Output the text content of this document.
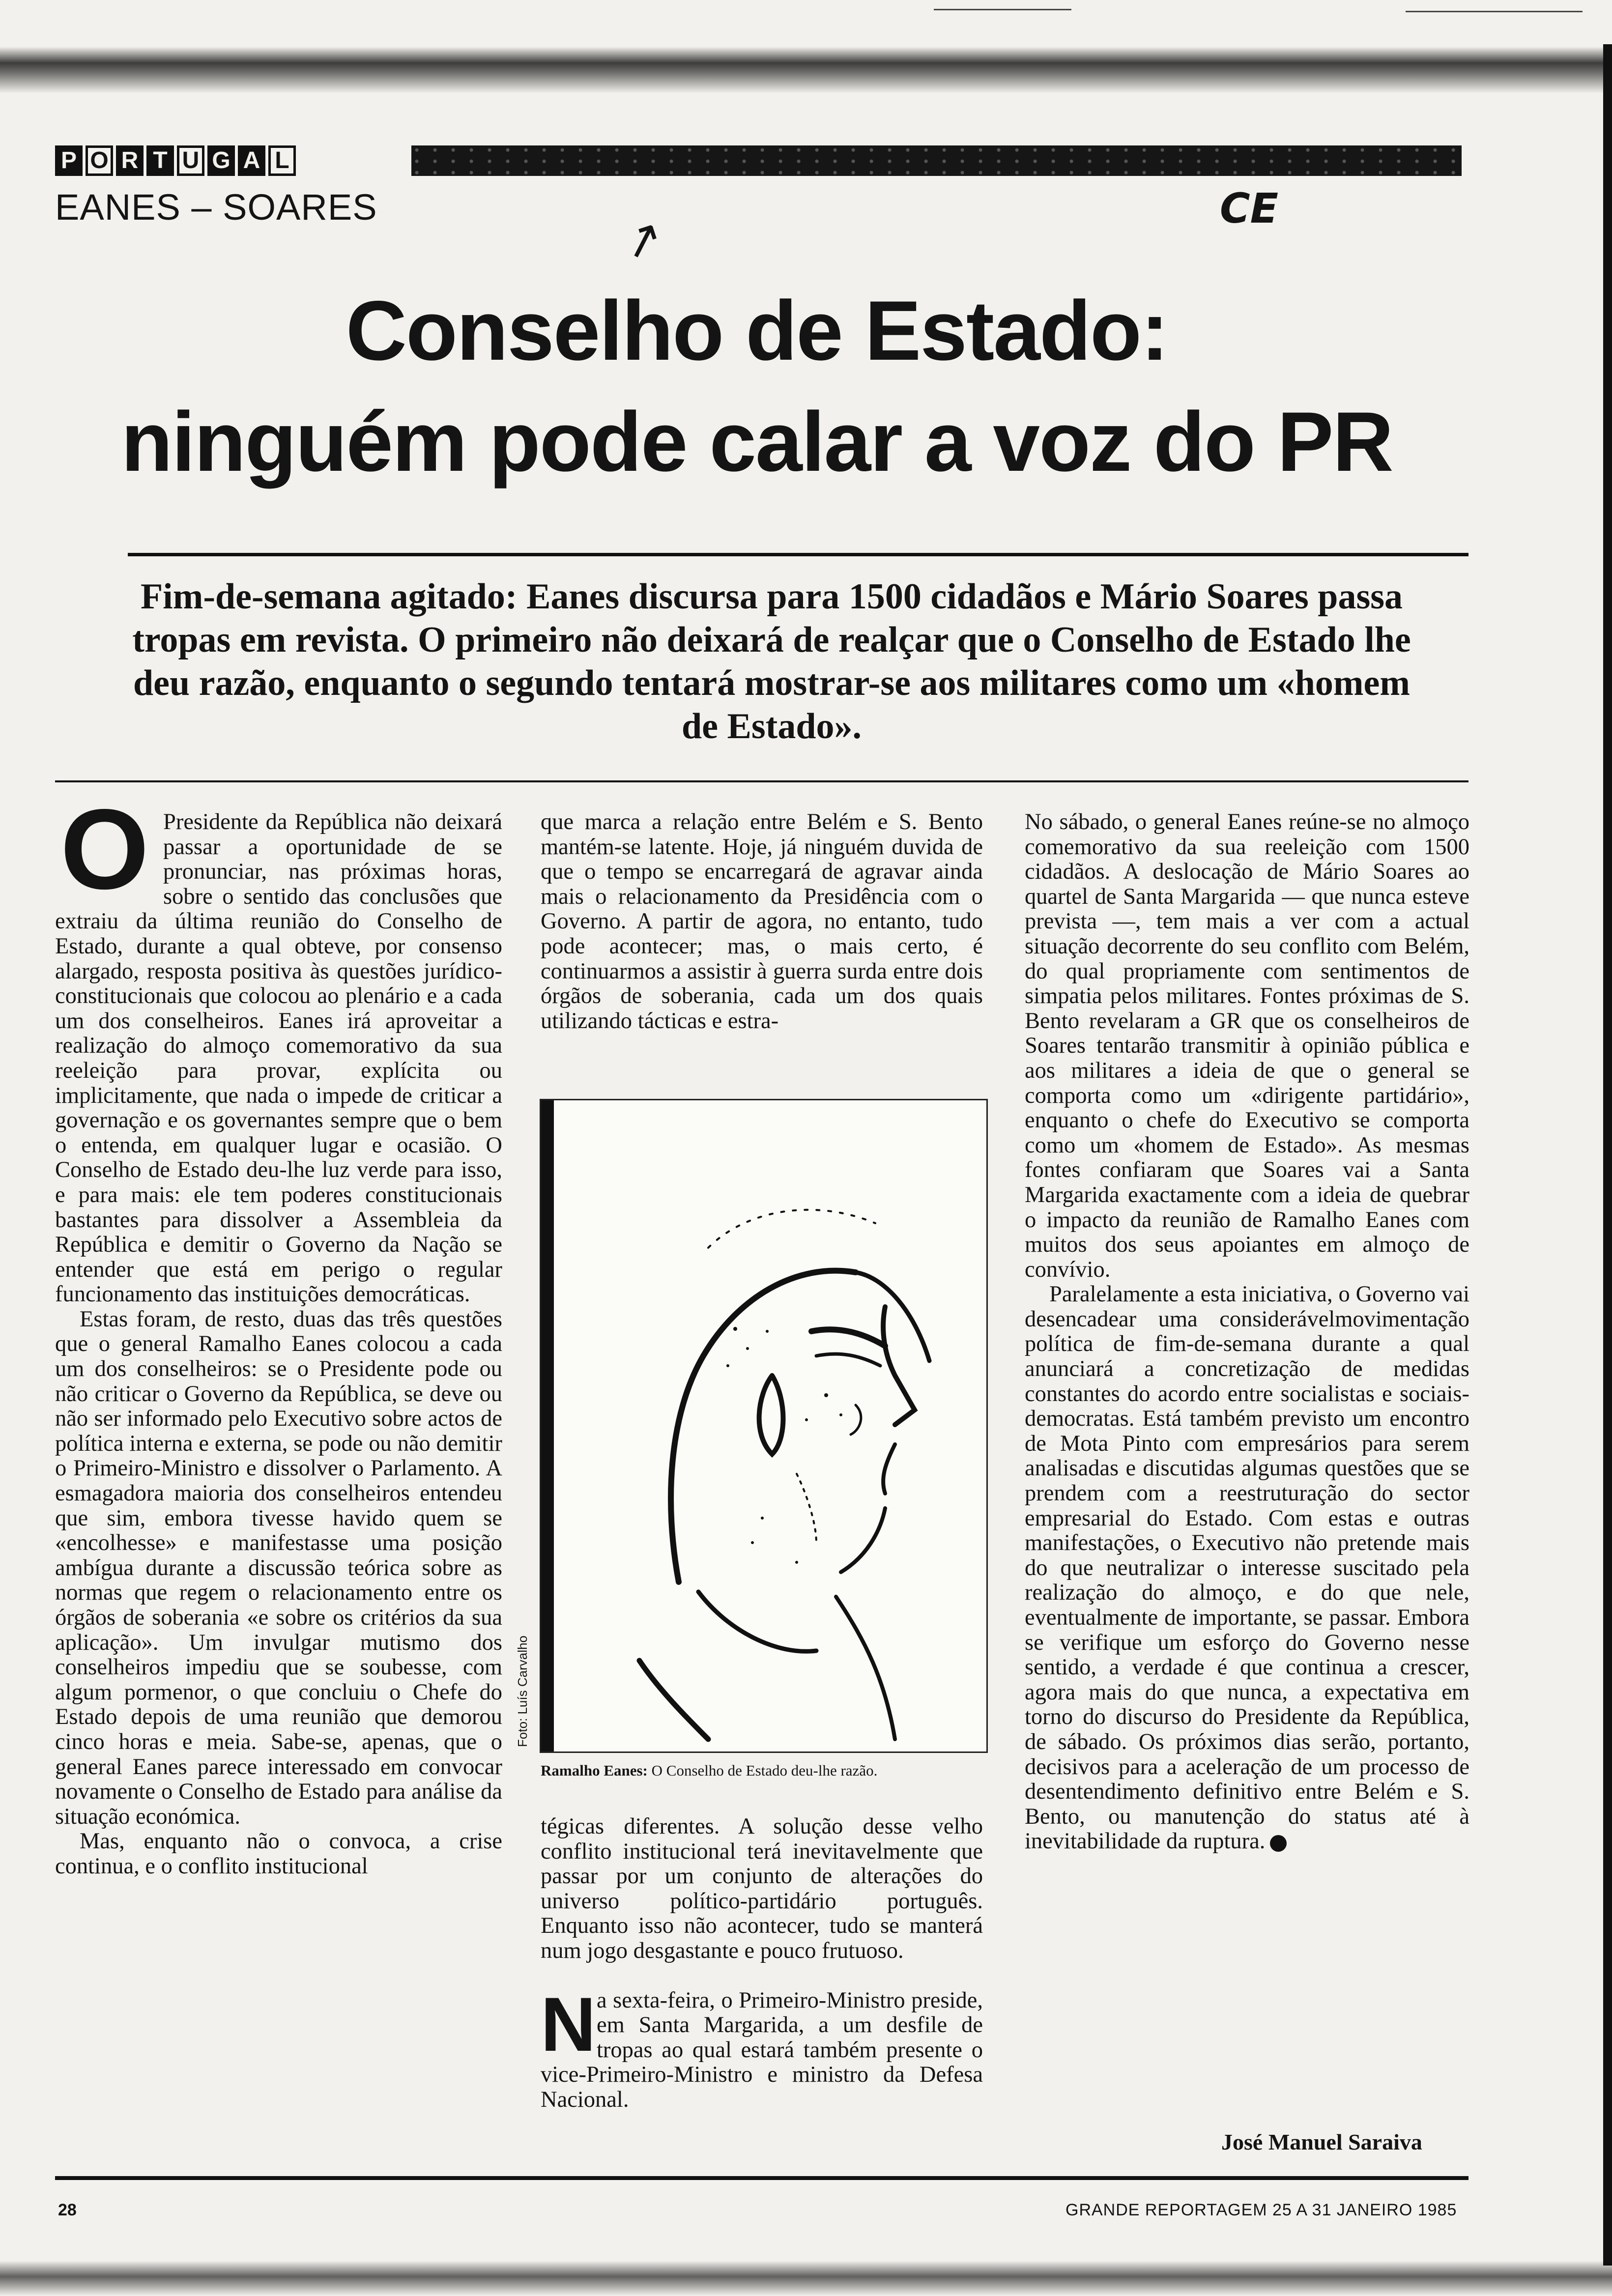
P O R T U G A L
EANES – SOARES
↗	CE
Conselho de Estado:
ninguém pode calar a voz do PR

Fim-de-semana agitado: Eanes discursa para 1500 cidadãos e Mário Soares passa tropas em revista. O primeiro não deixará de realçar que o Conselho de Estado lhe deu razão, enquanto o segundo tentará mostrar-se aos militares como um «homem de Estado».

O Presidente da República não deixará passar a oportunidade de se pronunciar, nas próximas horas, sobre o sentido das conclusões que extraiu da última reunião do Conselho de Estado, durante a qual obteve, por consenso alargado, resposta positiva às questões jurídico-constitucionais que colocou ao plenário e a cada um dos conselheiros. Eanes irá aproveitar a realização do almoço comemorativo da sua reeleição para provar, explícita ou implicitamente, que nada o impede de criticar a governação e os governantes sempre que o bem o entenda, em qualquer lugar e ocasião. O Conselho de Estado deu-lhe luz verde para isso, e para mais: ele tem poderes constitucionais bastantes para dissolver a Assembleia da República e demitir o Governo da Nação se entender que está em perigo o regular funcionamento das instituições democráticas.

Estas foram, de resto, duas das três questões que o general Ramalho Eanes colocou a cada um dos conselheiros: se o Presidente pode ou não criticar o Governo da República, se deve ou não ser informado pelo Executivo sobre actos de política interna e externa, se pode ou não demitir o Primeiro-Ministro e dissolver o Parlamento. A esmagadora maioria dos conselheiros entendeu que sim, embora tivesse havido quem se «encolhesse» e manifestasse uma posição ambígua durante a discussão teórica sobre as normas que regem o relacionamento entre os órgãos de soberania «e sobre os critérios da sua aplicação». Um invulgar mutismo dos conselheiros impediu que se soubesse, com algum pormenor, o que concluiu o Chefe do Estado depois de uma reunião que demorou cinco horas e meia. Sabe-se, apenas, que o general Eanes parece interessado em convocar novamente o Conselho de Estado para análise da situação económica.

Mas, enquanto não o convoca, a crise continua, e o conflito institucional

que marca a relação entre Belém e S. Bento mantém-se latente. Hoje, já ninguém duvida de que o tempo se encarregará de agravar ainda mais o relacionamento da Presidência com o Governo. A partir de agora, no entanto, tudo pode acontecer; mas, o mais certo, é continuarmos a assistir à guerra surda entre dois órgãos de soberania, cada um dos quais utilizando tácticas e estra-

Foto: Luís Carvalho
Ramalho Eanes: O Conselho de Estado deu-lhe razão.

tégicas diferentes. A solução desse velho conflito institucional terá inevitavelmente que passar por um conjunto de alterações do universo político-partidário português. Enquanto isso não acontecer, tudo se manterá num jogo desgastante e pouco frutuoso.

Na sexta-feira, o Primeiro-Ministro preside, em Santa Margarida, a um desfile de tropas ao qual estará também presente o vice-Primeiro-Ministro e ministro da Defesa Nacional.

No sábado, o general Eanes reúne-se no almoço comemorativo da sua reeleição com 1500 cidadãos. A deslocação de Mário Soares ao quartel de Santa Margarida — que nunca esteve prevista —, tem mais a ver com a actual situação decorrente do seu conflito com Belém, do qual propriamente com sentimentos de simpatia pelos militares. Fontes próximas de S. Bento revelaram a GR que os conselheiros de Soares tentarão transmitir à opinião pública e aos militares a ideia de que o general se comporta como um «dirigente partidário», enquanto o chefe do Executivo se comporta como um «homem de Estado». As mesmas fontes confiaram que Soares vai a Santa Margarida exactamente com a ideia de quebrar o impacto da reunião de Ramalho Eanes com muitos dos seus apoiantes em almoço de convívio.

Paralelamente a esta iniciativa, o Governo vai desencadear uma considerávelmovimentação política de fim-de-semana durante a qual anunciará a concretização de medidas constantes do acordo entre socialistas e sociais-democratas. Está também previsto um encontro de Mota Pinto com empresários para serem analisadas e discutidas algumas questões que se prendem com a reestruturação do sector empresarial do Estado. Com estas e outras manifestações, o Executivo não pretende mais do que neutralizar o interesse suscitado pela realização do almoço, e do que nele, eventualmente de importante, se passar. Embora se verifique um esforço do Governo nesse sentido, a verdade é que continua a crescer, agora mais do que nunca, a expectativa em torno do discurso do Presidente da República, de sábado. Os próximos dias serão, portanto, decisivos para a aceleração de um processo de desentendimento definitivo entre Belém e S. Bento, ou manutenção do status até à inevitabilidade da ruptura.

José Manuel Saraiva
28	GRANDE REPORTAGEM 25 A 31 JANEIRO 1985
